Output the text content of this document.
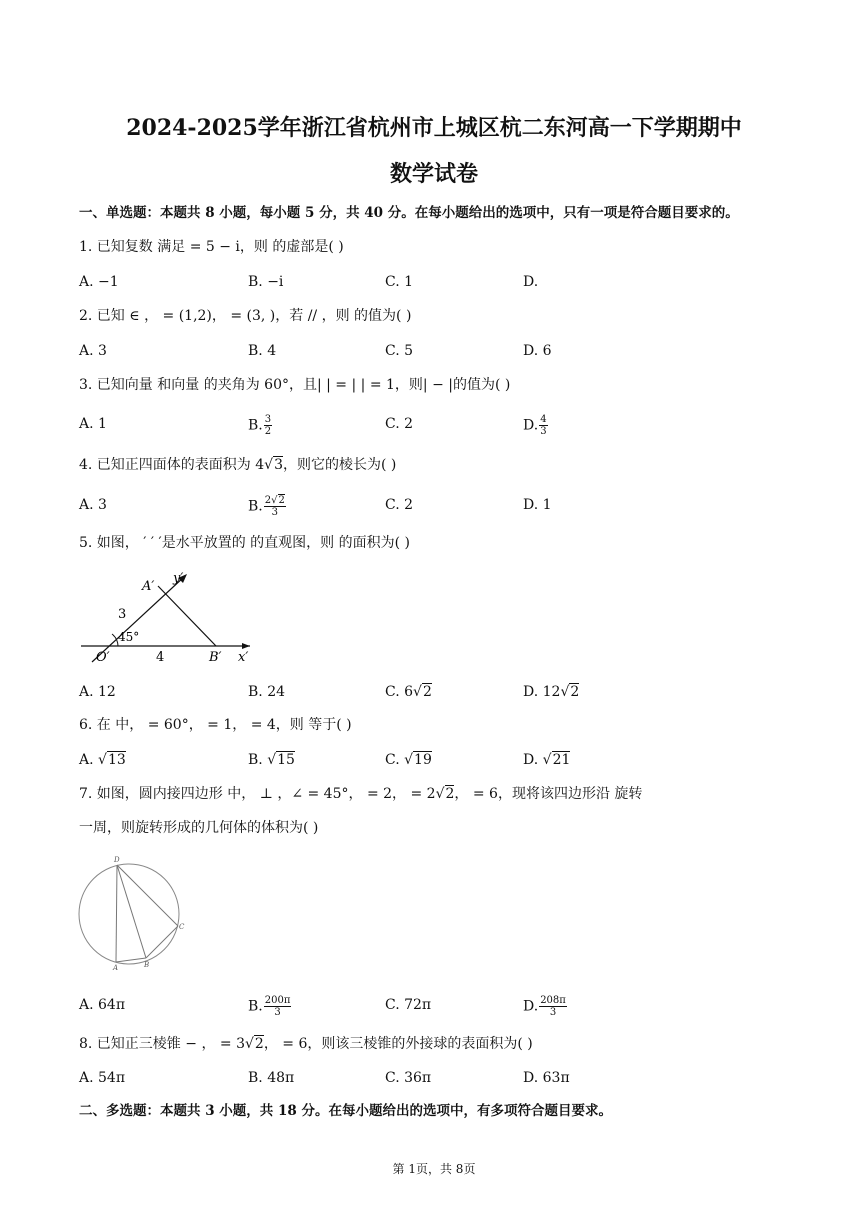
2024-2025学年浙江省杭州市上城区杭二东河高一下学期期中
数学试卷
一、单选题：本题共 8 小题，每小题 5 分，共 40 分。在每小题给出的选项中，只有一项是符合题目要求的。
1. 已知复数 满足 = 5 − i，则 的虚部是( )
A. −1	B. −i	C. 1	D.
2. 已知 ∈ ， = (1,2)， = (3, )，若 // ，则 的值为( )
A. 3	B. 4	C. 5	D. 6
3. 已知向量 和向量 的夹角为 60°，且| | = | | = 1，则| − |的值为( )
A. 1	B. $\frac{3}{2}$	C. 2	D. $\frac{4}{3}$
4. 已知正四面体的表面积为 4√3，则它的棱长为( )
A. 3	B. $\frac{2√2}{3}$	C. 2	D. 1
5. 如图， ′ ′ ′是水平放置的 的直观图，则 的面积为( )
A′
y′
3
45°
O′	4	B′ x′
A. 12	B. 24	C. 6√2	D. 12√2
6. 在 中， = 60°， = 1， = 4，则 等于( )
A. √13	B. √15	C. √19	D. √21
7. 如图，圆内接四边形 中， ⊥ ，∠ = 45°， = 2， = 2√2， = 6，现将该四边形沿 旋转
一周，则旋转形成的几何体的体积为( )
D
A	B
C
A. 64π	B. $\frac{200\pi}{3}$	C. 72π	D. $\frac{208\pi}{3}$
8. 已知正三棱锥 − ， = 3√2， = 6，则该三棱锥的外接球的表面积为( )
A. 54π	B. 48π	C. 36π	D. 63π
二、多选题：本题共 3 小题，共 18 分。在每小题给出的选项中，有多项符合题目要求。
第 1页，共 8页
